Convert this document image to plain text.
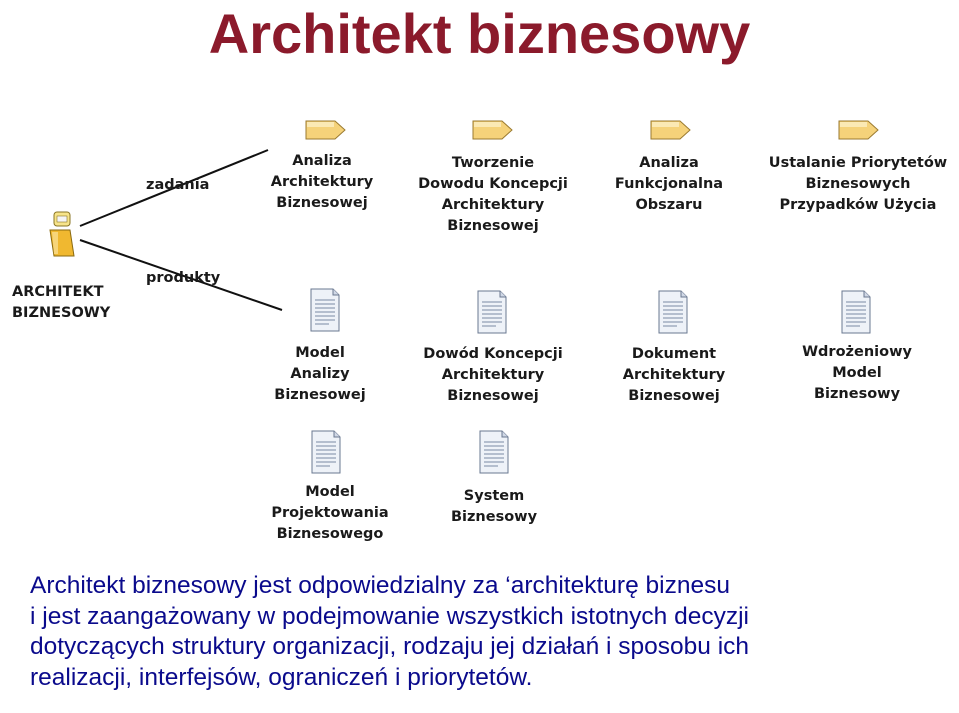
Architekt biznesowy
ARCHITEKT
BIZNESOWY
zadania
produkty
Analiza
Architektury
Biznesowej
Tworzenie
Dowodu Koncepcji
Architektury
Biznesowej
Analiza
Funkcjonalna
Obszaru
Ustalanie Priorytetów
Biznesowych
Przypadków Użycia
Model
Analizy
Biznesowej
Dowód Koncepcji
Architektury
Biznesowej
Dokument
Architektury
Biznesowej
Wdrożeniowy
Model
Biznesowy
Model
Projektowania
Biznesowego
System
Biznesowy
Architekt biznesowy jest odpowiedzialny za ‘architekturę biznesu
i jest zaangażowany w podejmowanie wszystkich istotnych decyzji
dotyczących struktury organizacji, rodzaju jej działań i sposobu ich
realizacji, interfejsów, ograniczeń i priorytetów.
